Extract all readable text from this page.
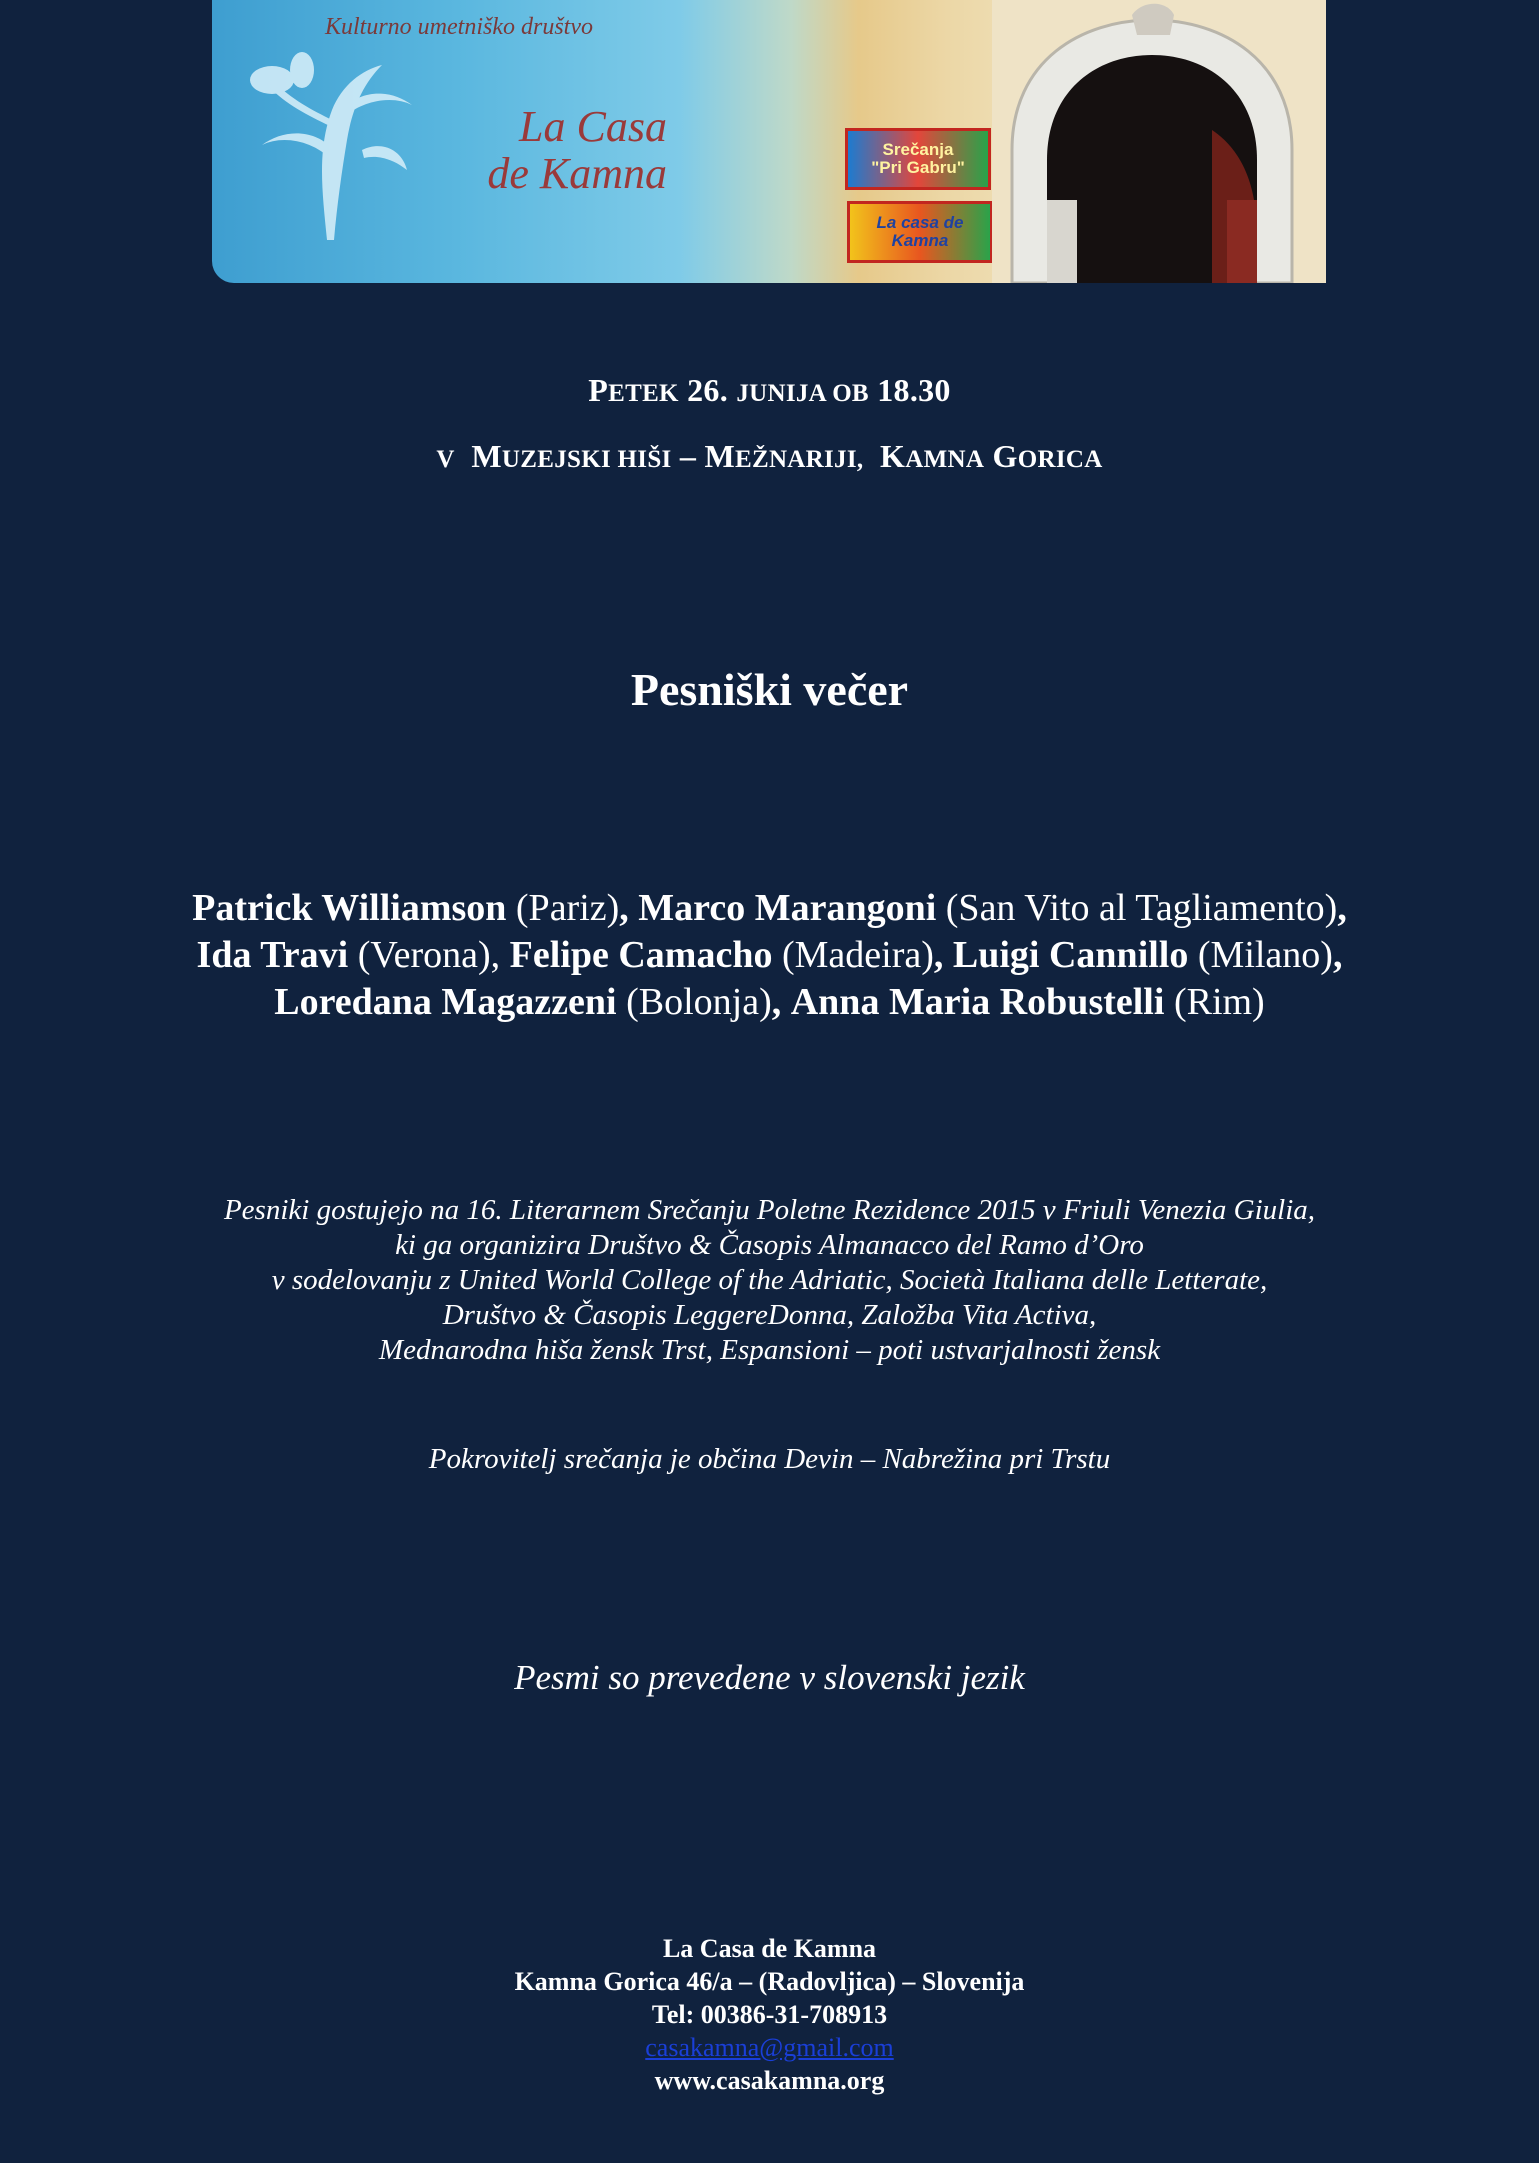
Kulturno umetniško društvo
La Casa
de Kamna	Srečanja
"Pri Gabru"
La casa de
Kamna
PETEK 26. JUNIJA OB 18.30
V MUZEJSKI HIŠI – MEŽNARIJI, KAMNA GORICA
Pesniški večer
Patrick Williamson (Pariz), Marco Marangoni (San Vito al Tagliamento),
Ida Travi (Verona), Felipe Camacho (Madeira), Luigi Cannillo (Milano),
Loredana Magazzeni (Bolonja), Anna Maria Robustelli (Rim)
Pesniki gostujejo na 16. Literarnem Srečanju Poletne Rezidence 2015 v Friuli Venezia Giulia,
ki ga organizira Društvo & Časopis Almanacco del Ramo d’Oro
v sodelovanju z United World College of the Adriatic, Società Italiana delle Letterate,
Društvo & Časopis LeggereDonna, Založba Vita Activa,
Mednarodna hiša žensk Trst, Espansioni – poti ustvarjalnosti žensk
Pokrovitelj srečanja je občina Devin – Nabrežina pri Trstu
Pesmi so prevedene v slovenski jezik
La Casa de Kamna
Kamna Gorica 46/a – (Radovljica) – Slovenija
Tel: 00386-31-708913
casakamna@gmail.com
www.casakamna.org
